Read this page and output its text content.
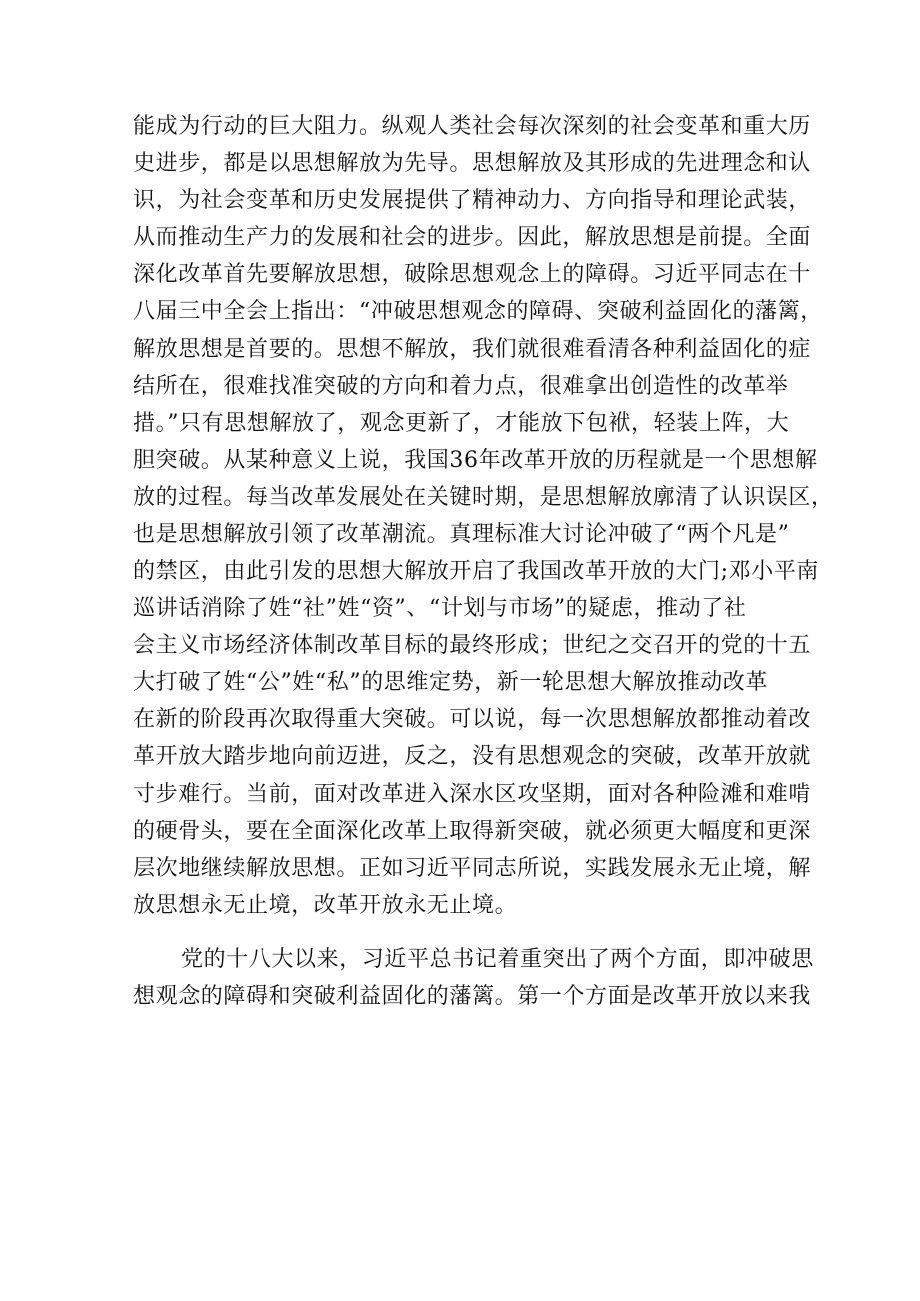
能成为行动的巨大阻力。纵观人类社会每次深刻的社会变革和重大历
史进步，都是以思想解放为先导。思想解放及其形成的先进理念和认
识，为社会变革和历史发展提供了精神动力、方向指导和理论武装，
从而推动生产力的发展和社会的进步。因此，解放思想是前提。全面
深化改革首先要解放思想，破除思想观念上的障碍。习近平同志在十
八届三中全会上指出：“冲破思想观念的障碍、突破利益固化的藩篱，
解放思想是首要的。思想不解放，我们就很难看清各种利益固化的症
结所在，很难找准突破的方向和着力点，很难拿出创造性的改革举
措。”只有思想解放了，观念更新了，才能放下包袱，轻装上阵，大
胆突破。从某种意义上说，我国36年改革开放的历程就是一个思想解
放的过程。每当改革发展处在关键时期，是思想解放廓清了认识误区，
也是思想解放引领了改革潮流。真理标准大讨论冲破了“两个凡是”
的禁区，由此引发的思想大解放开启了我国改革开放的大门;邓小平南
巡讲话消除了姓“社”姓“资”、“计划与市场”的疑虑，推动了社
会主义市场经济体制改革目标的最终形成；世纪之交召开的党的十五
大打破了姓“公”姓“私”的思维定势，新一轮思想大解放推动改革
在新的阶段再次取得重大突破。可以说，每一次思想解放都推动着改
革开放大踏步地向前迈进，反之，没有思想观念的突破，改革开放就
寸步难行。当前，面对改革进入深水区攻坚期，面对各种险滩和难啃
的硬骨头，要在全面深化改革上取得新突破，就必须更大幅度和更深
层次地继续解放思想。正如习近平同志所说，实践发展永无止境，解
放思想永无止境，改革开放永无止境。
党的十八大以来，习近平总书记着重突出了两个方面，即冲破思
想观念的障碍和突破利益固化的藩篱。第一个方面是改革开放以来我
